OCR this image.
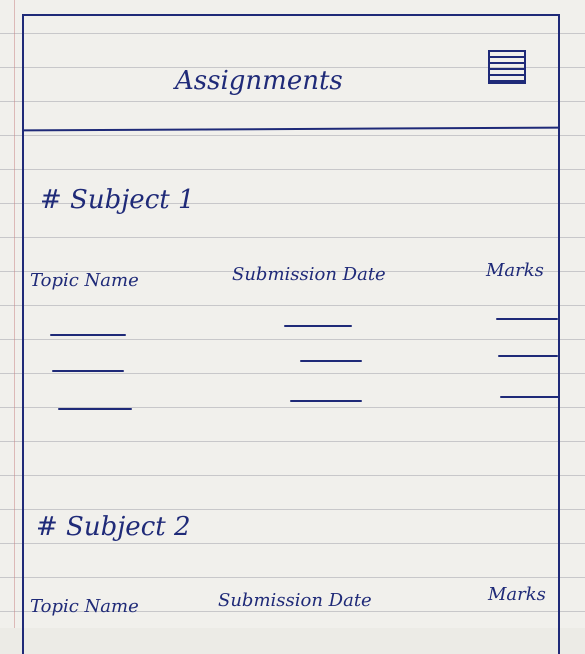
Assignments
# Subject 1
Topic Name	Submission Date	Marks
# Subject 2
Topic Name	Submission Date	Marks
